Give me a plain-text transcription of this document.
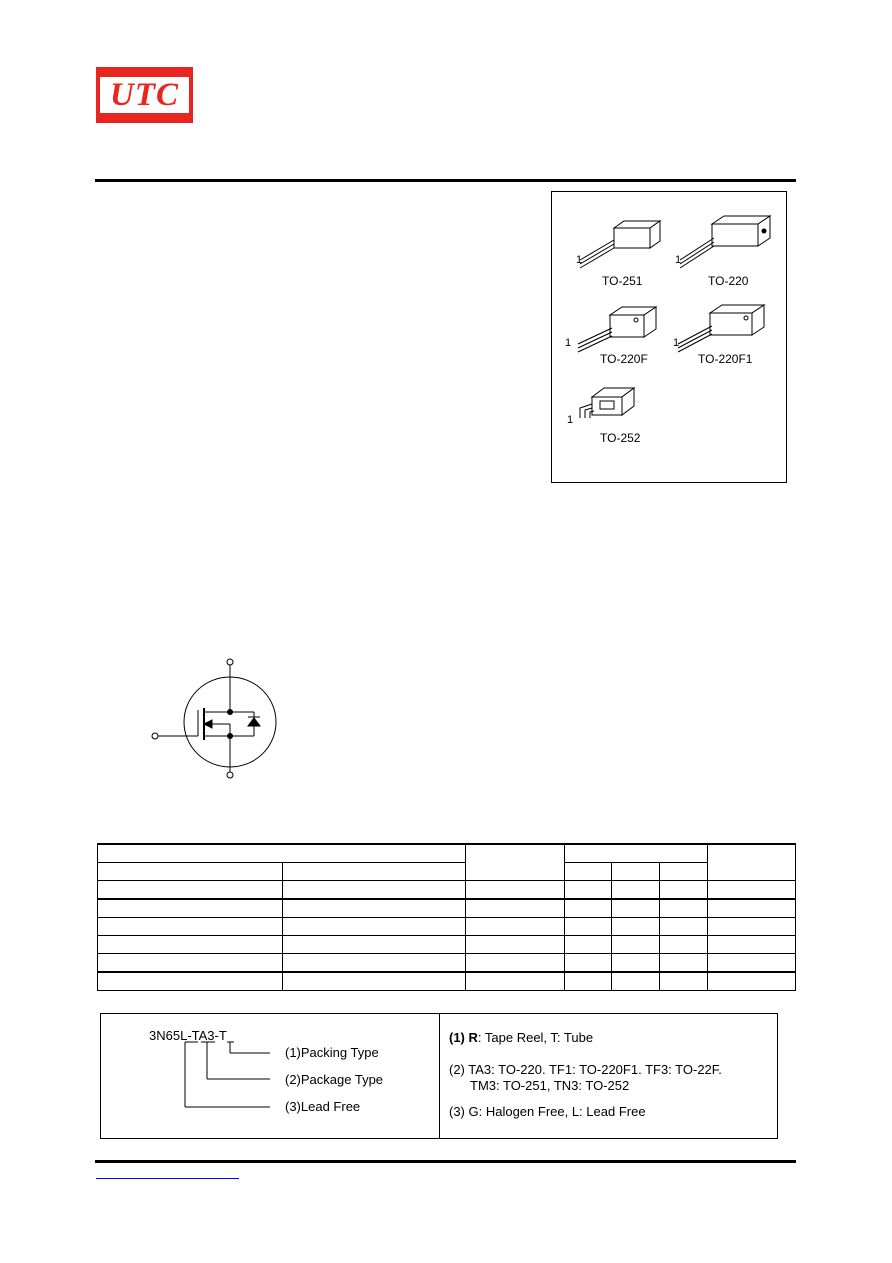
UTC
1
TO-251
1
TO-220
1
TO-220F
1
TO-220F1
1
TO-252

3N65L-TA3-T
(1)Packing Type
(2)Package Type
(3)Lead Free
(1) R: Tape Reel, T: Tube
(2) TA3: TO-220. TF1: TO-220F1. TF3: TO-22F.
TM3: TO-251, TN3: TO-252
(3) G: Halogen Free, L: Lead Free
